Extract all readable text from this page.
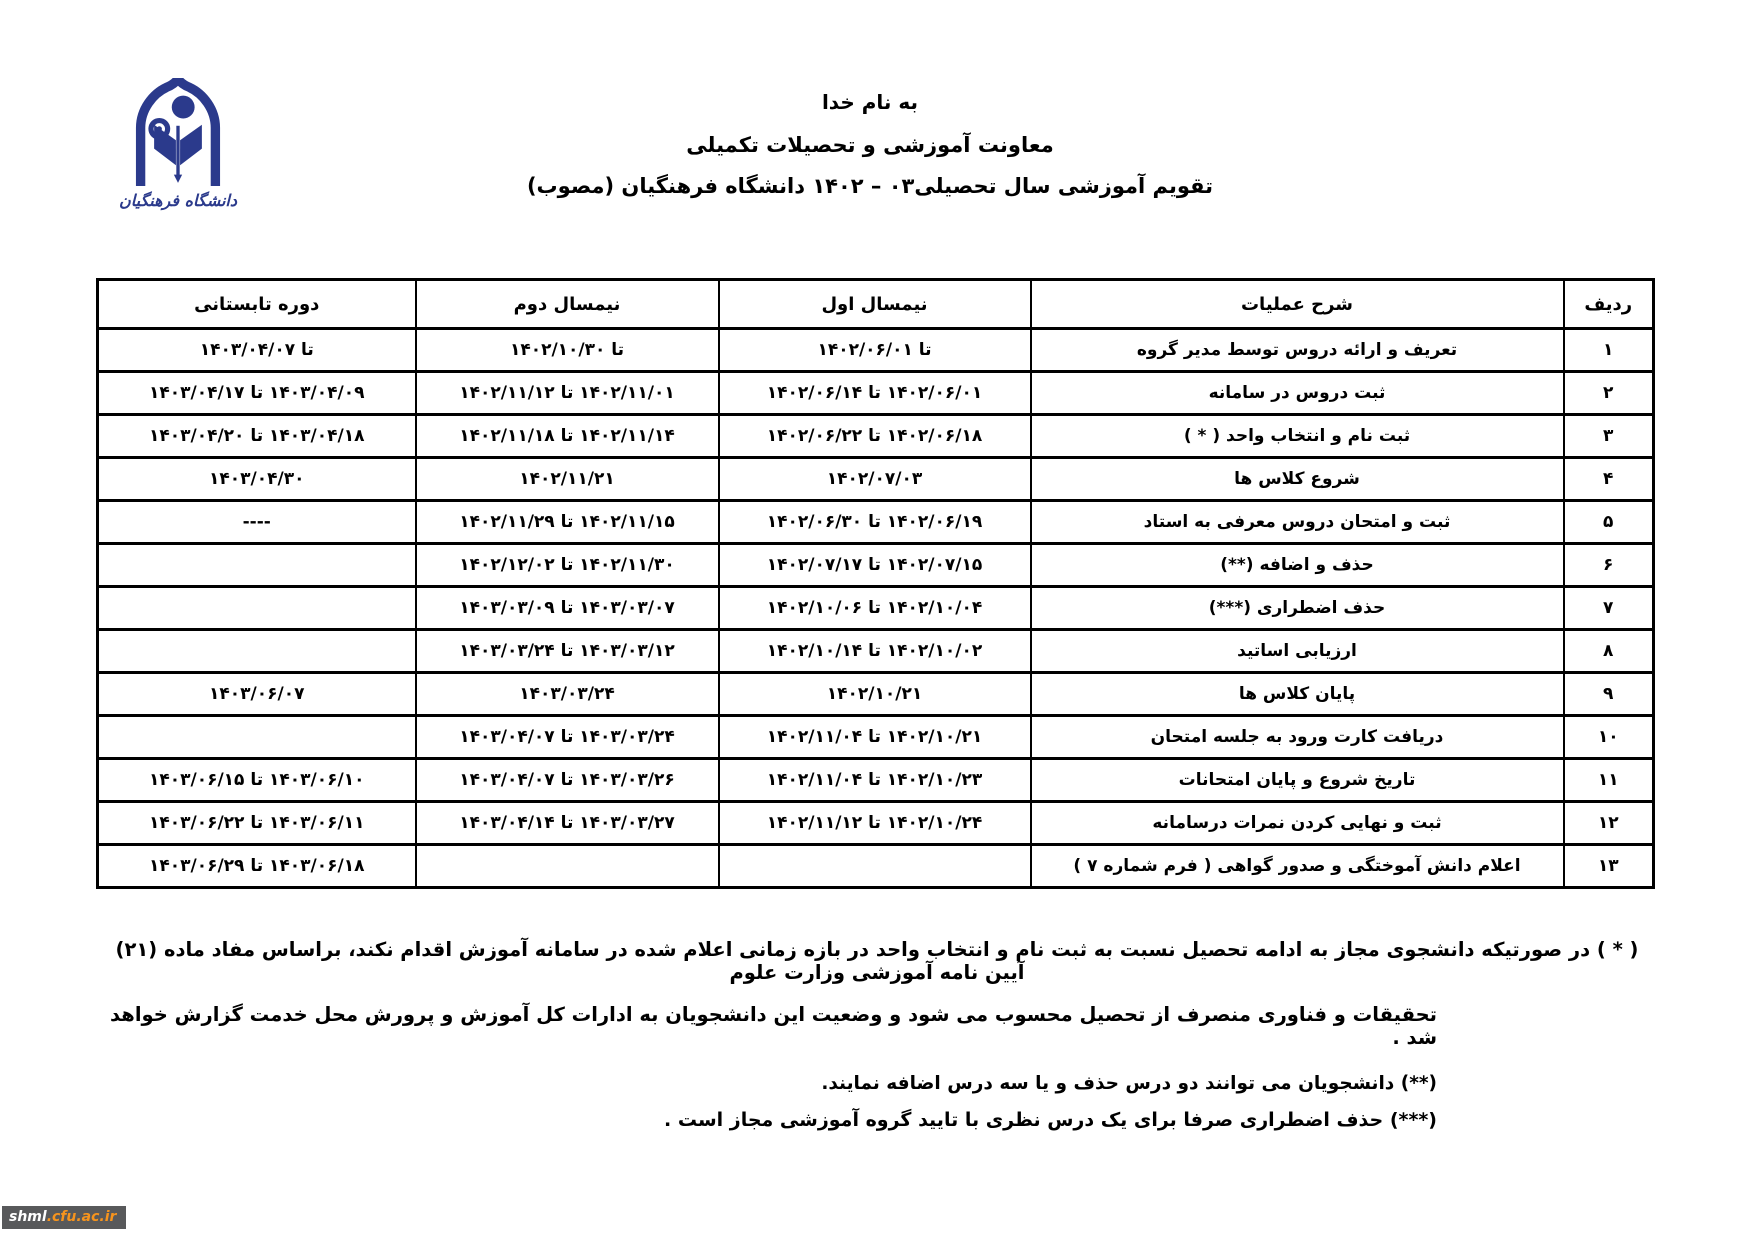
دانشگاه فرهنگیان
به نام خدا
معاونت آموزشی و تحصیلات تکمیلی
تقویم آموزشی سال تحصیلی۰۳ – ۱۴۰۲ دانشگاه فرهنگیان (مصوب)
ردیف	شرح عملیات	نیمسال اول	نیمسال دوم	دوره تابستانی
۱	تعریف و ارائه دروس توسط مدیر گروه	تا ۱۴۰۲/۰۶/۰۱	تا ۱۴۰۲/۱۰/۳۰	تا ۱۴۰۳/۰۴/۰۷
۲	ثبت دروس در سامانه	۱۴۰۲/۰۶/۰۱ تا ۱۴۰۲/۰۶/۱۴	۱۴۰۲/۱۱/۰۱ تا ۱۴۰۲/۱۱/۱۲	۱۴۰۳/۰۴/۰۹ تا ۱۴۰۳/۰۴/۱۷
۳	ثبت نام و انتخاب واحد ( * )	۱۴۰۲/۰۶/۱۸ تا ۱۴۰۲/۰۶/۲۲	۱۴۰۲/۱۱/۱۴ تا ۱۴۰۲/۱۱/۱۸	۱۴۰۳/۰۴/۱۸ تا ۱۴۰۳/۰۴/۲۰
۴	شروع کلاس ها	۱۴۰۲/۰۷/۰۳	۱۴۰۲/۱۱/۲۱	۱۴۰۳/۰۴/۳۰
۵	ثبت و امتحان دروس معرفی به استاد	۱۴۰۲/۰۶/۱۹ تا ۱۴۰۲/۰۶/۳۰	۱۴۰۲/۱۱/۱۵ تا ۱۴۰۲/۱۱/۲۹	----
۶	حذف و اضافه (**)	۱۴۰۲/۰۷/۱۵ تا ۱۴۰۲/۰۷/۱۷	۱۴۰۲/۱۱/۳۰ تا ۱۴۰۲/۱۲/۰۲	
۷	حذف اضطراری (***)	۱۴۰۲/۱۰/۰۴ تا ۱۴۰۲/۱۰/۰۶	۱۴۰۳/۰۳/۰۷ تا ۱۴۰۳/۰۳/۰۹	
۸	ارزیابی اساتید	۱۴۰۲/۱۰/۰۲ تا ۱۴۰۲/۱۰/۱۴	۱۴۰۳/۰۳/۱۲ تا ۱۴۰۳/۰۳/۲۴	
۹	پایان کلاس ها	۱۴۰۲/۱۰/۲۱	۱۴۰۳/۰۳/۲۴	۱۴۰۳/۰۶/۰۷
۱۰	دریافت کارت ورود به جلسه امتحان	۱۴۰۲/۱۰/۲۱ تا ۱۴۰۲/۱۱/۰۴	۱۴۰۳/۰۳/۲۴ تا ۱۴۰۳/۰۴/۰۷	
۱۱	تاریخ شروع و پایان امتحانات	۱۴۰۲/۱۰/۲۳ تا ۱۴۰۲/۱۱/۰۴	۱۴۰۳/۰۳/۲۶ تا ۱۴۰۳/۰۴/۰۷	۱۴۰۳/۰۶/۱۰ تا ۱۴۰۳/۰۶/۱۵
۱۲	ثبت و نهایی کردن نمرات درسامانه	۱۴۰۲/۱۰/۲۴ تا ۱۴۰۲/۱۱/۱۲	۱۴۰۳/۰۳/۲۷ تا ۱۴۰۳/۰۴/۱۴	۱۴۰۳/۰۶/۱۱ تا ۱۴۰۳/۰۶/۲۲
۱۳	اعلام دانش آموختگی و صدور گواهی ( فرم شماره ۷ )			۱۴۰۳/۰۶/۱۸ تا ۱۴۰۳/۰۶/۲۹
( * ) در صورتیکه دانشجوی مجاز به ادامه تحصیل نسبت به ثبت نام و انتخاب واحد در بازه زمانی اعلام شده در سامانه آموزش اقدام نکند، براساس مفاد ماده (۲۱) آیین نامه آموزشی وزارت علوم
تحقیقات و فناوری منصرف از تحصیل محسوب می شود و وضعیت این دانشجویان به ادارات کل آموزش و پرورش محل خدمت گزارش خواهد شد .
(**) دانشجویان می توانند دو درس حذف و یا سه درس اضافه نمایند.
(***) حذف اضطراری صرفا برای یک درس نظری با تایید گروه آموزشی مجاز است .
shml.cfu.ac.ir
